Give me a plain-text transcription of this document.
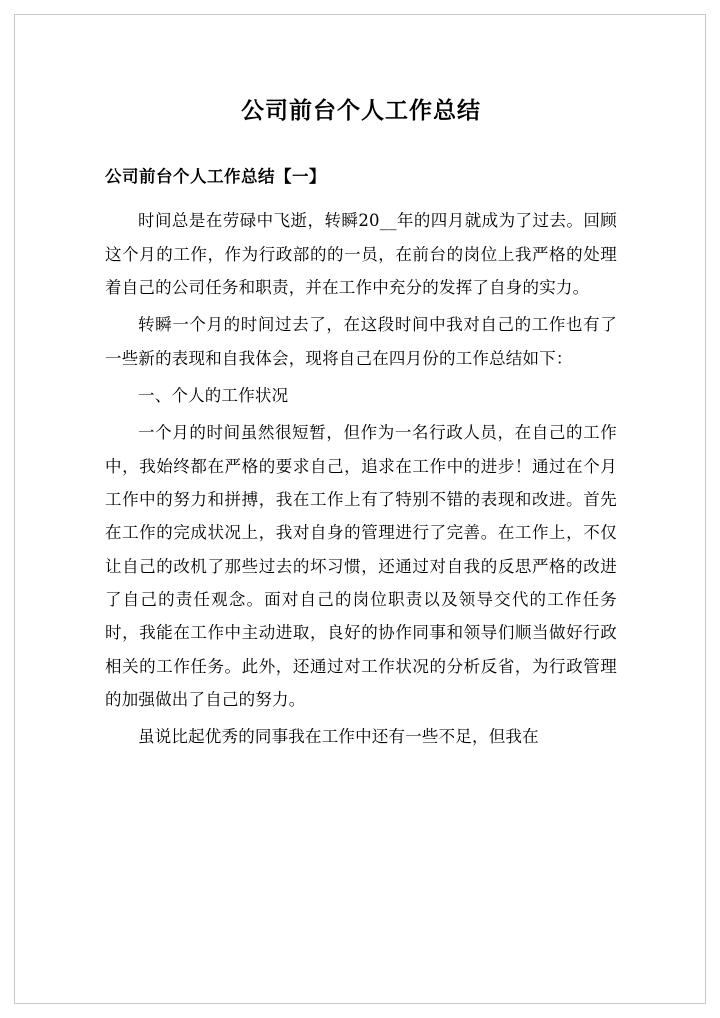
公司前台个人工作总结

公司前台个人工作总结【一】

时间总是在劳碌中飞逝，转瞬20__年的四月就成为了过去。回顾这个月的工作，作为行政部的的一员，在前台的岗位上我严格的处理着自己的公司任务和职责，并在工作中充分的发挥了自身的实力。

转瞬一个月的时间过去了，在这段时间中我对自己的工作也有了一些新的表现和自我体会，现将自己在四月份的工作总结如下：

一、个人的工作状况

一个月的时间虽然很短暂，但作为一名行政人员，在自己的工作中，我始终都在严格的要求自己，追求在工作中的进步！通过在个月工作中的努力和拼搏，我在工作上有了特别不错的表现和改进。首先在工作的完成状况上，我对自身的管理进行了完善。在工作上，不仅让自己的改机了那些过去的坏习惯，还通过对自我的反思严格的改进了自己的责任观念。面对自己的岗位职责以及领导交代的工作任务时，我能在工作中主动进取，良好的协作同事和领导们顺当做好行政相关的工作任务。此外，还通过对工作状况的分析反省，为行政管理的加强做出了自己的努力。

虽说比起优秀的同事我在工作中还有一些不足，但我在
